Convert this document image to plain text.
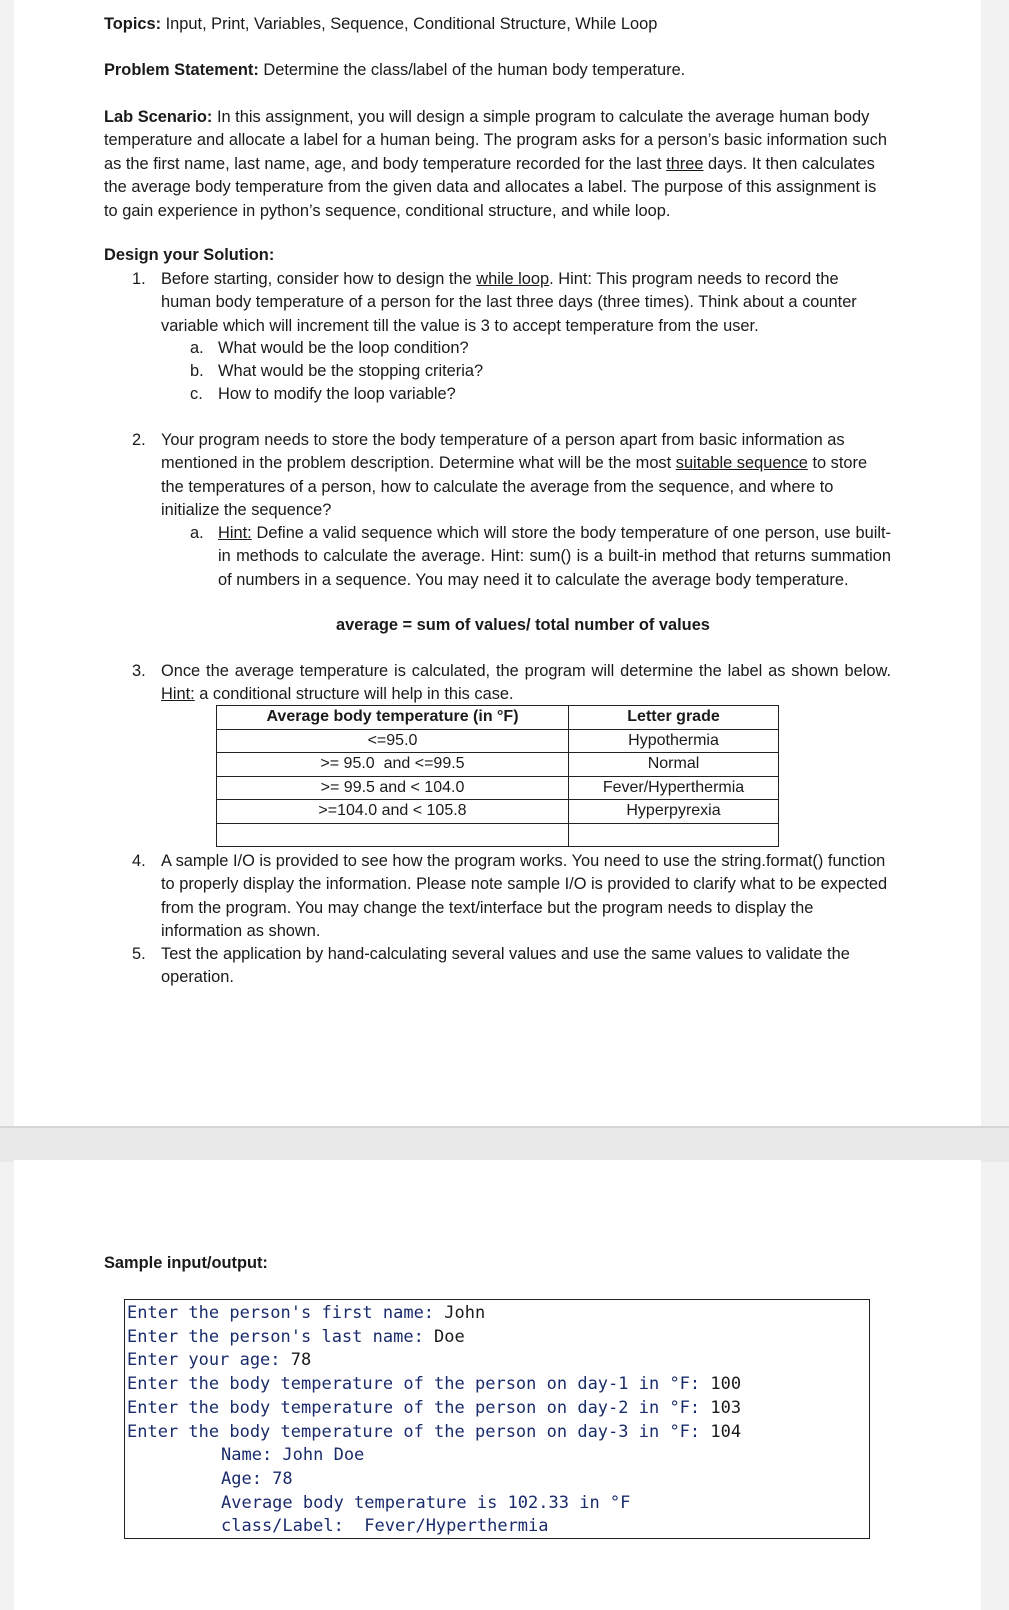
Topics: Input, Print, Variables, Sequence, Conditional Structure, While Loop

Problem Statement: Determine the class/label of the human body temperature.

Lab Scenario: In this assignment, you will design a simple program to calculate the average human body temperature and allocate a label for a human being. The program asks for a person’s basic information such as the first name, last name, age, and body temperature recorded for the last three days. It then calculates the average body temperature from the given data and allocates a label. The purpose of this assignment is to gain experience in python’s sequence, conditional structure, and while loop.

Design your Solution:

1. Before starting, consider how to design the while loop. Hint: This program needs to record the human body temperature of a person for the last three days (three times). Think about a counter variable which will increment till the value is 3 to accept temperature from the user.

a. What would be the loop condition?

b. What would be the stopping criteria?

c. How to modify the loop variable?

2. Your program needs to store the body temperature of a person apart from basic information as mentioned in the problem description. Determine what will be the most suitable sequence to store the temperatures of a person, how to calculate the average from the sequence, and where to initialize the sequence?

a. Hint: Define a valid sequence which will store the body temperature of one person, use built-in methods to calculate the average. Hint: sum() is a built-in method that returns summation of numbers in a sequence. You may need it to calculate the average body temperature.

average = sum of values/ total number of values

3. Once the average temperature is calculated, the program will determine the label as shown below. Hint: a conditional structure will help in this case.

Average body temperature (in °F)	Letter grade
<=95.0	Hypothermia
>= 95.0  and <=99.5	Normal
>= 99.5 and < 104.0	Fever/Hyperthermia
>=104.0 and < 105.8	Hyperpyrexia

4. A sample I/O is provided to see how the program works. You need to use the string.format() function to properly display the information. Please note sample I/O is provided to clarify what to be expected from the program. You may change the text/interface but the program needs to display the information as shown.

5. Test the application by hand-calculating several values and use the same values to validate the operation.

Sample input/output:

Enter the person's first name: John
Enter the person's last name: Doe
Enter your age: 78
Enter the body temperature of the person on day-1 in °F: 100
Enter the body temperature of the person on day-2 in °F: 103
Enter the body temperature of the person on day-3 in °F: 104
Name: John Doe
Age: 78
Average body temperature is 102.33 in °F
class/Label:  Fever/Hyperthermia
